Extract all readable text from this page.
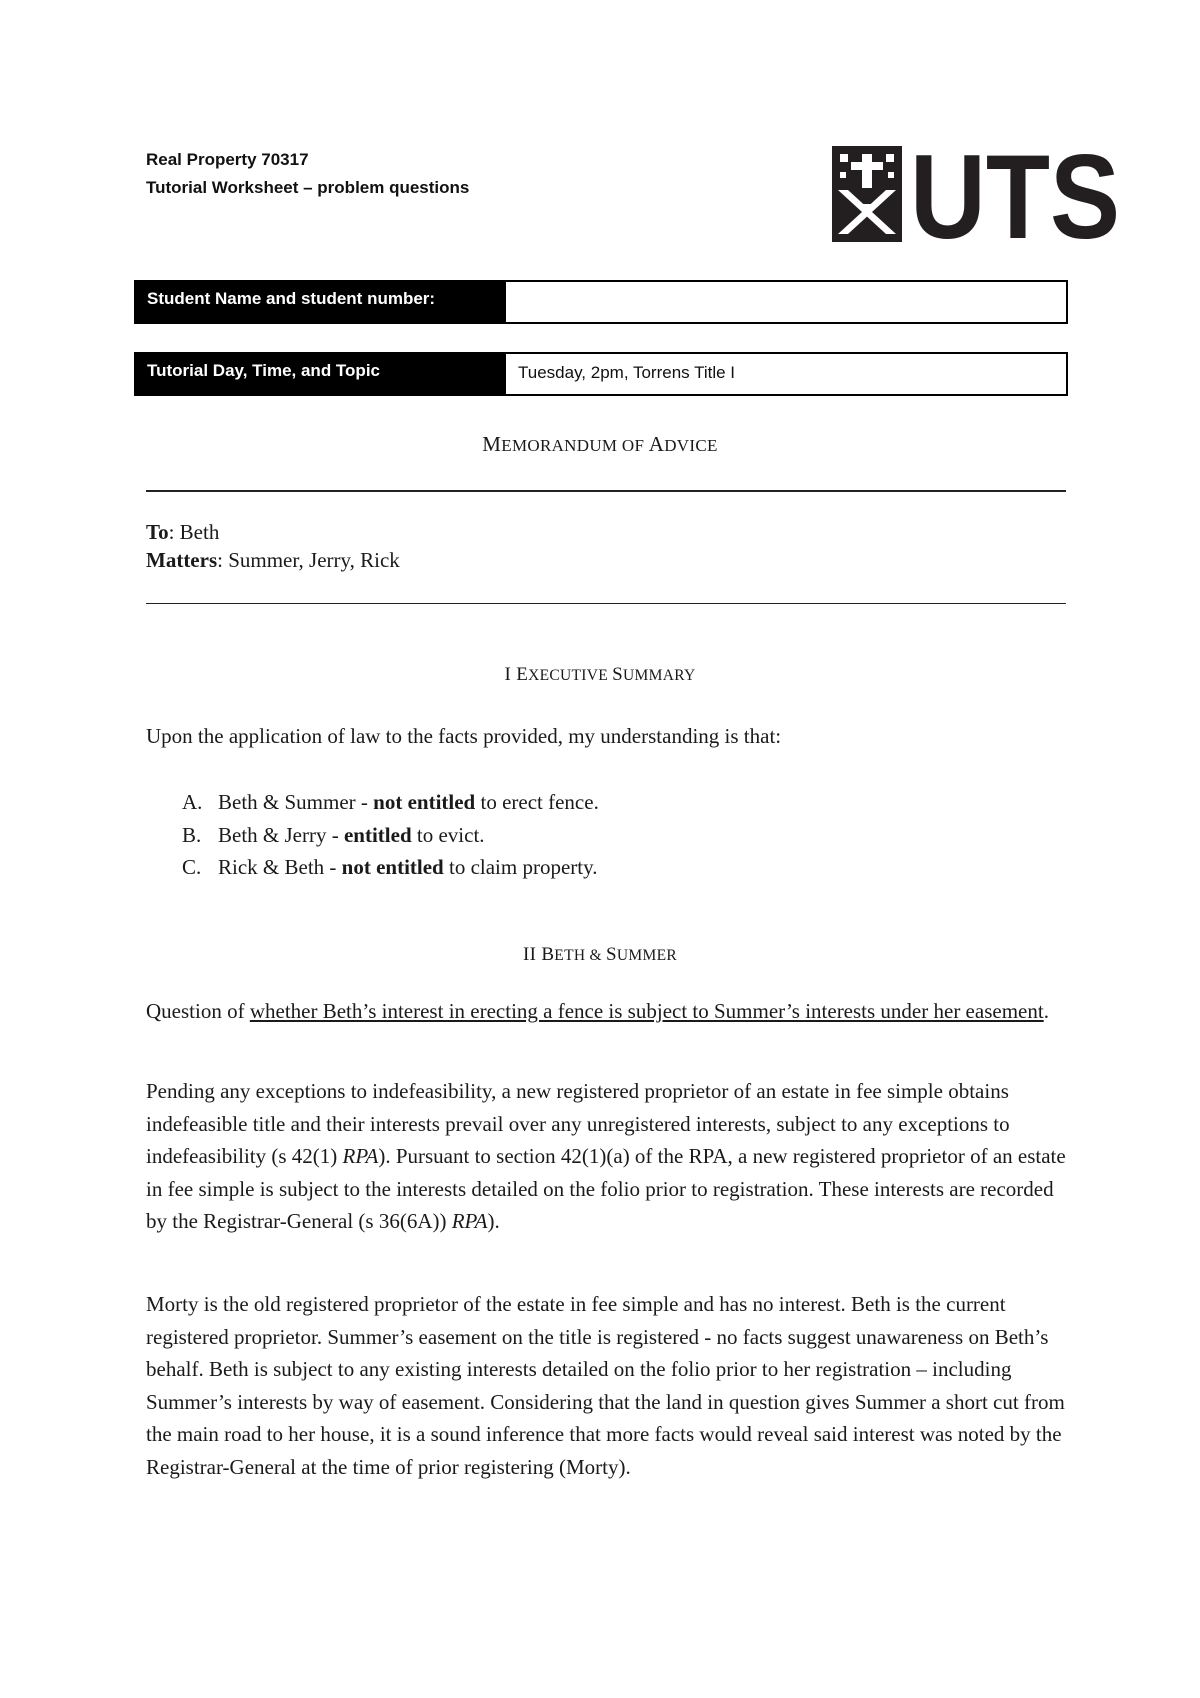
Real Property 70317
Tutorial Worksheet – problem questions	UTS
Student Name and student number:
Tutorial Day, Time, and Topic	Tuesday, 2pm, Torrens Title I
MEMORANDUM OF ADVICE
To: Beth
Matters: Summer, Jerry, Rick
I EXECUTIVE SUMMARY

Upon the application of law to the facts provided, my understanding is that:

A. Beth & Summer - not entitled to erect fence.
B. Beth & Jerry - entitled to evict.
C. Rick & Beth - not entitled to claim property.
II BETH & SUMMER

Question of whether Beth’s interest in erecting a fence is subject to Summer’s interests under her easement.

Pending any exceptions to indefeasibility, a new registered proprietor of an estate in fee simple obtains indefeasible title and their interests prevail over any unregistered interests, subject to any exceptions to indefeasibility (s 42(1) RPA). Pursuant to section 42(1)(a) of the RPA, a new registered proprietor of an estate in fee simple is subject to the interests detailed on the folio prior to registration. These interests are recorded by the Registrar-General (s 36(6A)) RPA).

Morty is the old registered proprietor of the estate in fee simple and has no interest. Beth is the current registered proprietor. Summer’s easement on the title is registered - no facts suggest unawareness on Beth’s behalf. Beth is subject to any existing interests detailed on the folio prior to her registration – including Summer’s interests by way of easement. Considering that the land in question gives Summer a short cut from the main road to her house, it is a sound inference that more facts would reveal said interest was noted by the Registrar-General at the time of prior registering (Morty).
